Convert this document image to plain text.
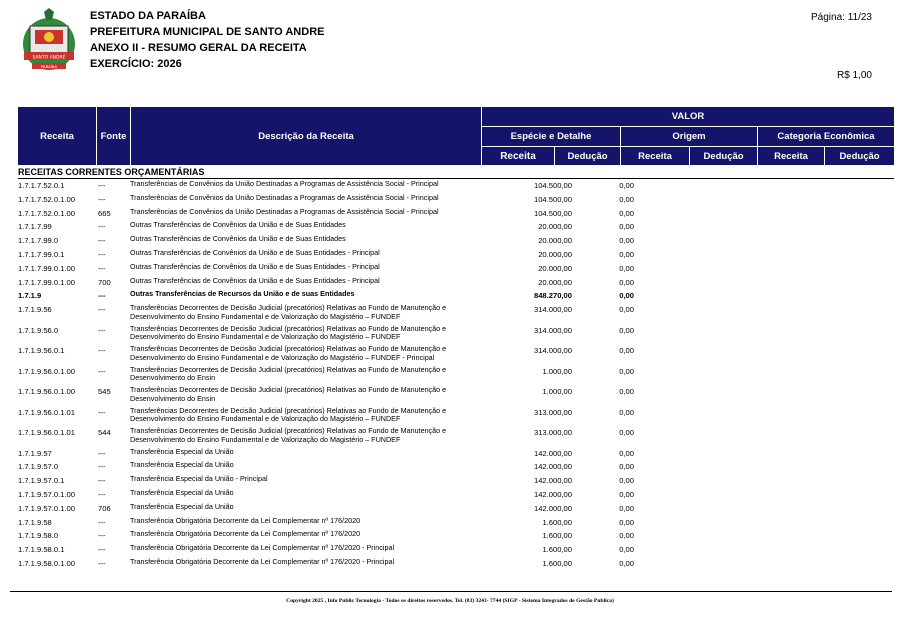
SANTO ANDRÉ
PARAÍBA
ESTADO DA PARAÍBA
PREFEITURA MUNICIPAL DE SANTO ANDRE
ANEXO II - RESUMO GERAL DA RECEITA
EXERCÍCIO: 2026
Página: 11/23
R$ 1,00
Receita	Fonte	Descrição da Receita
VALOR
Espécie e Detalhe	Origem	Categoria Econômica
Receita	Dedução	Receita	Dedução	Receita	Dedução
RECEITAS CORRENTES ORÇAMENTÁRIAS
1.7.1.7.52.0.1	---	Transferências de Convênios da União Destinadas a Programas de Assistência Social - Principal	104.500,00	0,00
1.7.1.7.52.0.1.00	---	Transferências de Convênios da União Destinadas a Programas de Assistência Social - Principal	104.500,00	0,00
1.7.1.7.52.0.1.00	665	Transferências de Convênios da União Destinadas a Programas de Assistência Social - Principal	104.500,00	0,00
1.7.1.7.99	---	Outras Transferências de Convênios da União e de Suas Entidades	20.000,00	0,00
1.7.1.7.99.0	---	Outras Transferências de Convênios da União e de Suas Entidades	20.000,00	0,00
1.7.1.7.99.0.1	---	Outras Transferências de Convênios da União e de Suas Entidades - Principal	20.000,00	0,00
1.7.1.7.99.0.1.00	---	Outras Transferências de Convênios da União e de Suas Entidades - Principal	20.000,00	0,00
1.7.1.7.99.0.1.00	700	Outras Transferências de Convênios da União e de Suas Entidades - Principal	20.000,00	0,00
1.7.1.9	---	Outras Transferências de Recursos da União e de suas Entidades	848.270,00	0,00
1.7.1.9.56	---	Transferências Decorrentes de Decisão Judicial (precatórios) Relativas ao Fundo de Manutenção e Desenvolvimento do Ensino Fundamental e de Valorização do Magistério – FUNDEF
314.000,00	0,00
1.7.1.9.56.0	---	Transferências Decorrentes de Decisão Judicial (precatórios) Relativas ao Fundo de Manutenção e Desenvolvimento do Ensino Fundamental e de Valorização do Magistério – FUNDEF
314.000,00	0,00
1.7.1.9.56.0.1	---	Transferências Decorrentes de Decisão Judicial (precatórios) Relativas ao Fundo de Manutenção e Desenvolvimento do Ensino Fundamental e de Valorização do Magistério – FUNDEF - Principal
314.000,00	0,00
1.7.1.9.56.0.1.00	---	Transferências Decorrentes de Decisão Judicial (precatórios) Relativas ao Fundo de Manutenção e Desenvolvimento do Ensin
1.000,00	0,00
1.7.1.9.56.0.1.00	545	Transferências Decorrentes de Decisão Judicial (precatórios) Relativas ao Fundo de Manutenção e Desenvolvimento do Ensin
1.000,00	0,00
1.7.1.9.56.0.1.01	---	Transferências Decorrentes de Decisão Judicial (precatórios) Relativas ao Fundo de Manutenção e Desenvolvimento do Ensino Fundamental e de Valorização do Magistério – FUNDEF
313.000,00	0,00
1.7.1.9.56.0.1.01	544	Transferências Decorrentes de Decisão Judicial (precatórios) Relativas ao Fundo de Manutenção e Desenvolvimento do Ensino Fundamental e de Valorização do Magistério – FUNDEF
313.000,00	0,00
1.7.1.9.57	---	Transferência Especial da União	142.000,00	0,00
1.7.1.9.57.0	---	Transferência Especial da União	142.000,00	0,00
1.7.1.9.57.0.1	---	Transferência Especial da União - Principal	142.000,00	0,00
1.7.1.9.57.0.1.00	---	Transferência Especial da União	142.000,00	0,00
1.7.1.9.57.0.1.00	706	Transferência Especial da União	142.000,00	0,00
1.7.1.9.58	---	Transferência Obrigatória Decorrente da Lei Complementar nº 176/2020	1.600,00	0,00
1.7.1.9.58.0	---	Transferência Obrigatória Decorrente da Lei Complementar nº 176/2020	1.600,00	0,00
1.7.1.9.58.0.1	---	Transferência Obrigatória Decorrente da Lei Complementar nº 176/2020 - Principal	1.600,00	0,00
1.7.1.9.58.0.1.00	---	Transferência Obrigatória Decorrente da Lei Complementar nº 176/2020 - Principal	1.600,00	0,00
Copyright 2025 , Info Public Tecnologia - Todos os direitos reservedos. Tel. (83) 3243- 7744 (SIGP - Sistema Integrados de Gestão Publica)
